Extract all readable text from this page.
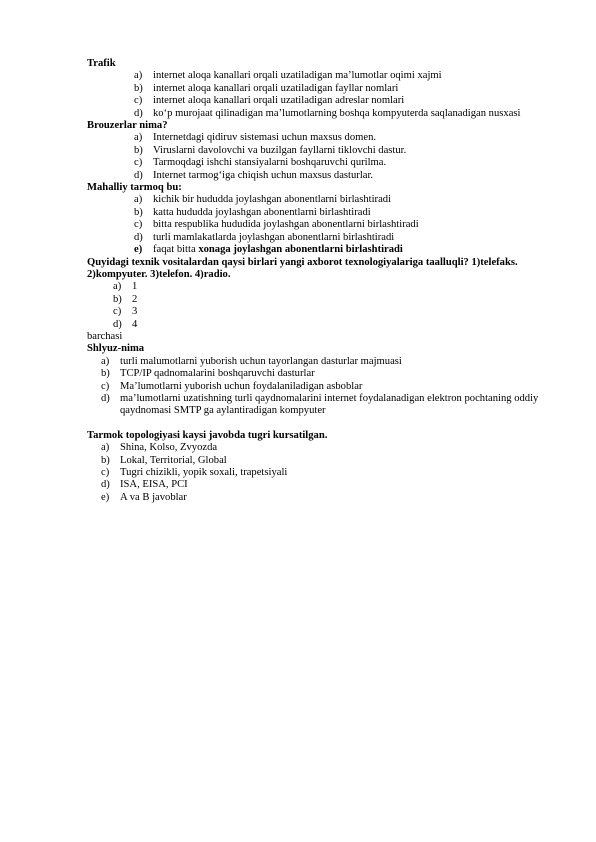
Trafik
a) internet aloqa kanallari orqali uzatiladigan ma’lumotlar oqimi xajmi
b) internet aloqa kanallari orqali uzatiladigan fayllar nomlari
c) internet aloqa kanallari orqali uzatiladigan adreslar nomlari
d) ko‘p murojaat qilinadigan ma’lumotlarning boshqa kompyuterda saqlanadigan nusxasi
Brouzerlar nima?
a) Internetdagi qidiruv sistemasi uchun maxsus domen.
b) Viruslarni davolovchi va buzilgan fayllarni tiklovchi dastur.
c) Tarmoqdagi ishchi stansiyalarni boshqaruvchi qurilma.
d) Internet tarmog‘iga chiqish uchun maxsus dasturlar.
Mahalliy tarmoq bu:
a) kichik bir hududda joylashgan abonentlarni birlashtiradi
b) katta hududda joylashgan abonentlarni birlashtiradi
c) bitta respublika hududida joylashgan abonentlarni birlashtiradi
d) turli mamlakatlarda joylashgan abonentlarni birlashtiradi
e) faqat bitta xonaga joylashgan abonentlarni birlashtiradi
Quyidagi texnik vositalardan qaysi birlari yangi axborot texnologiyalariga taalluqli? 1)telefaks. 2)kompyuter. 3)telefon. 4)radio.
a) 1
b) 2
c) 3
d) 4
barchasi
Shlyuz-nima
a) turli malumotlarni yuborish uchun tayorlangan dasturlar majmuasi
b) TCP/IP qadnomalarini boshqaruvchi dasturlar
c) Ma’lumotlarni yuborish uchun foydalaniladigan asboblar
d) ma’lumotlarni uzatishning turli qaydnomalarini internet foydalanadigan elektron pochtaning oddiy qaydnomasi SMTP ga aylantiradigan kompyuter
Tarmok topologiyasi kaysi javobda tugri kursatilgan.
a) Shina, Kolso, Zvyozda
b) Lokal, Territorial, Global
c) Tugri chizikli, yopik soxali, trapetsiyali
d) ISA, EISA, PCI
e) A va B javoblar
